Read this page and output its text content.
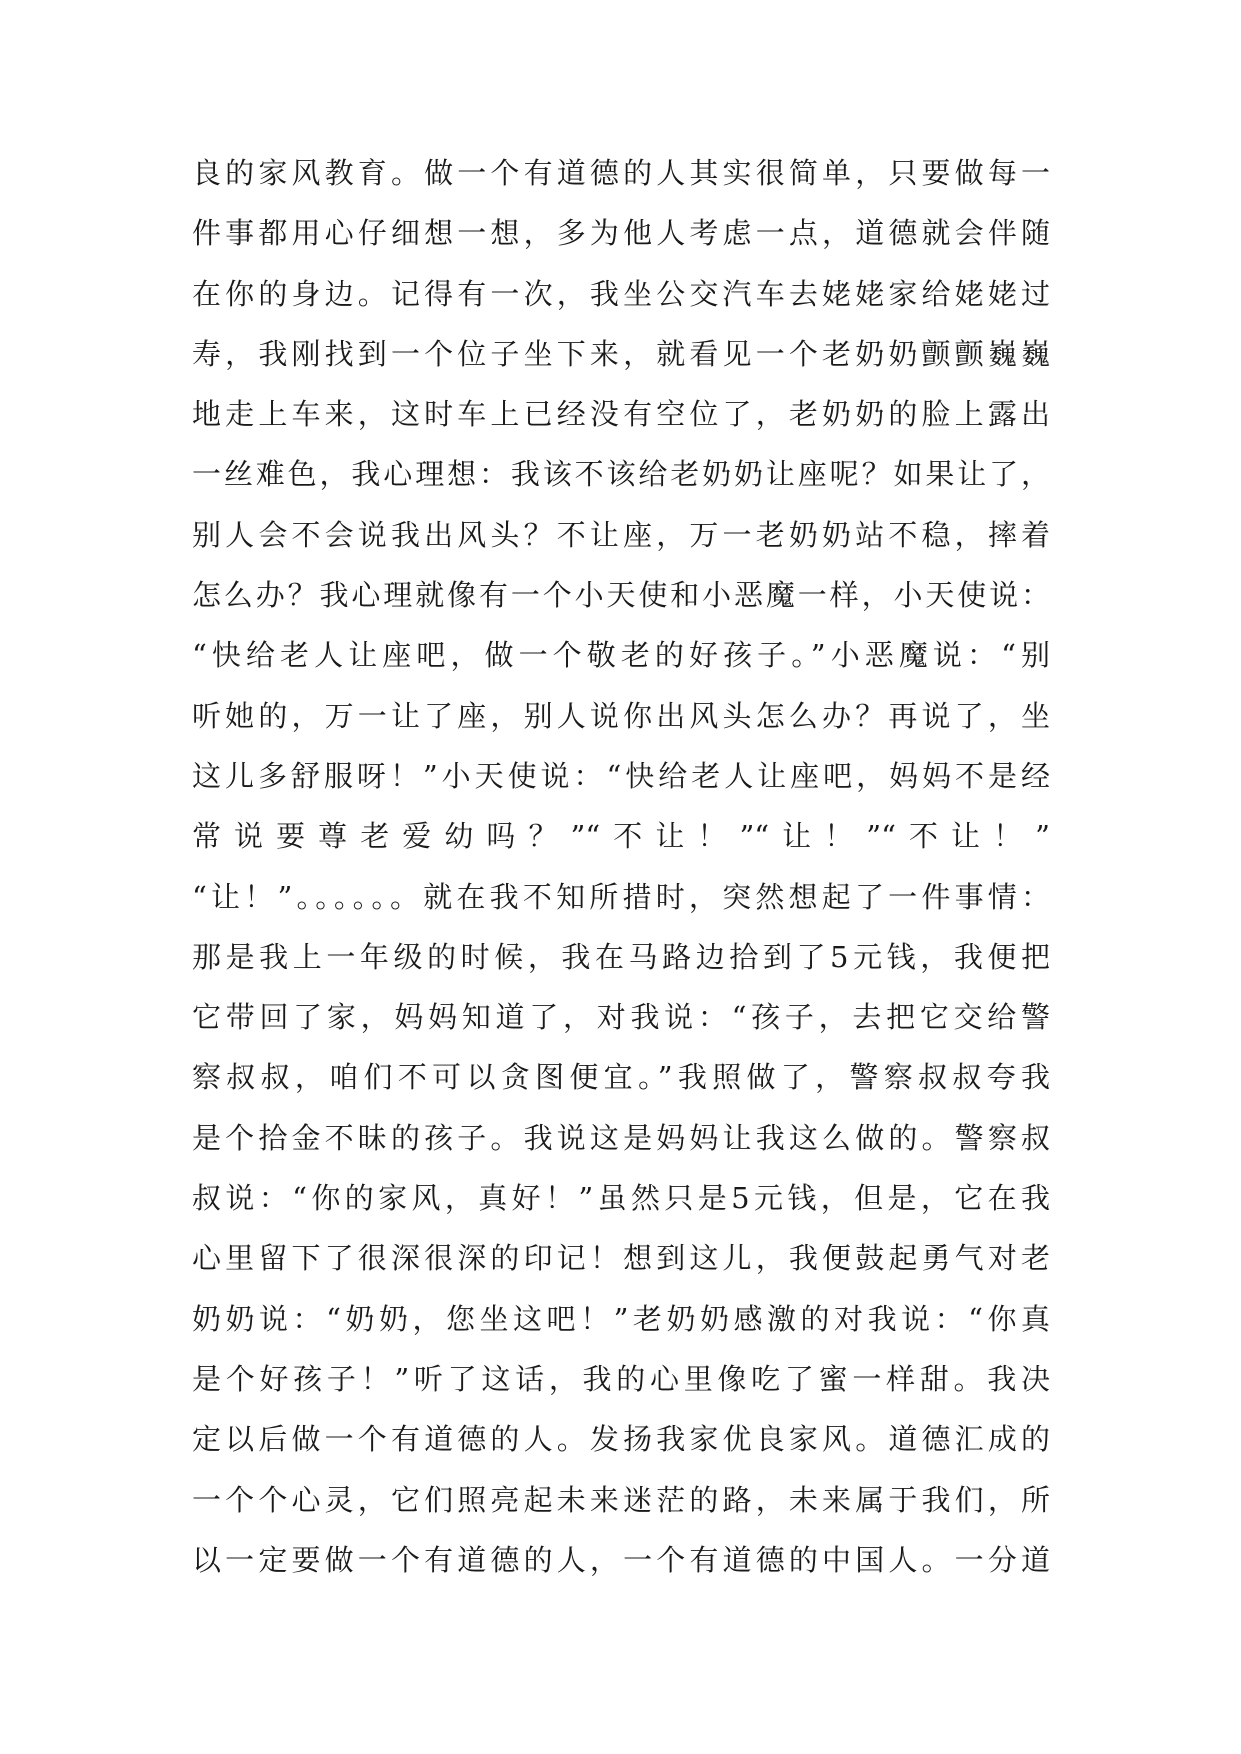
良的家风教育。做一个有道德的人其实很简单，只要做每一
件事都用心仔细想一想，多为他人考虑一点，道德就会伴随
在你的身边。记得有一次，我坐公交汽车去姥姥家给姥姥过
寿，我刚找到一个位子坐下来，就看见一个老奶奶颤颤巍巍
地走上车来，这时车上已经没有空位了，老奶奶的脸上露出
一丝难色，我心理想：我该不该给老奶奶让座呢？如果让了，
别人会不会说我出风头？不让座，万一老奶奶站不稳，摔着
怎么办？我心理就像有一个小天使和小恶魔一样，小天使说：
“快给老人让座吧，做一个敬老的好孩子。”小恶魔说：“别
听她的，万一让了座，别人说你出风头怎么办？再说了，坐
这儿多舒服呀！”小天使说：“快给老人让座吧，妈妈不是经
常说要尊老爱幼吗？”“不让！”“让！”“不让！”
“让！”。。。。。。就在我不知所措时，突然想起了一件事情：
那是我上一年级的时候，我在马路边拾到了5元钱，我便把
它带回了家，妈妈知道了，对我说：“孩子，去把它交给警
察叔叔，咱们不可以贪图便宜。”我照做了，警察叔叔夸我
是个拾金不昧的孩子。我说这是妈妈让我这么做的。警察叔
叔说：“你的家风，真好！”虽然只是5元钱，但是，它在我
心里留下了很深很深的印记！想到这儿，我便鼓起勇气对老
奶奶说：“奶奶，您坐这吧！”老奶奶感激的对我说：“你真
是个好孩子！”听了这话，我的心里像吃了蜜一样甜。我决
定以后做一个有道德的人。发扬我家优良家风。道德汇成的
一个个心灵，它们照亮起未来迷茫的路，未来属于我们，所
以一定要做一个有道德的人，一个有道德的中国人。一分道
